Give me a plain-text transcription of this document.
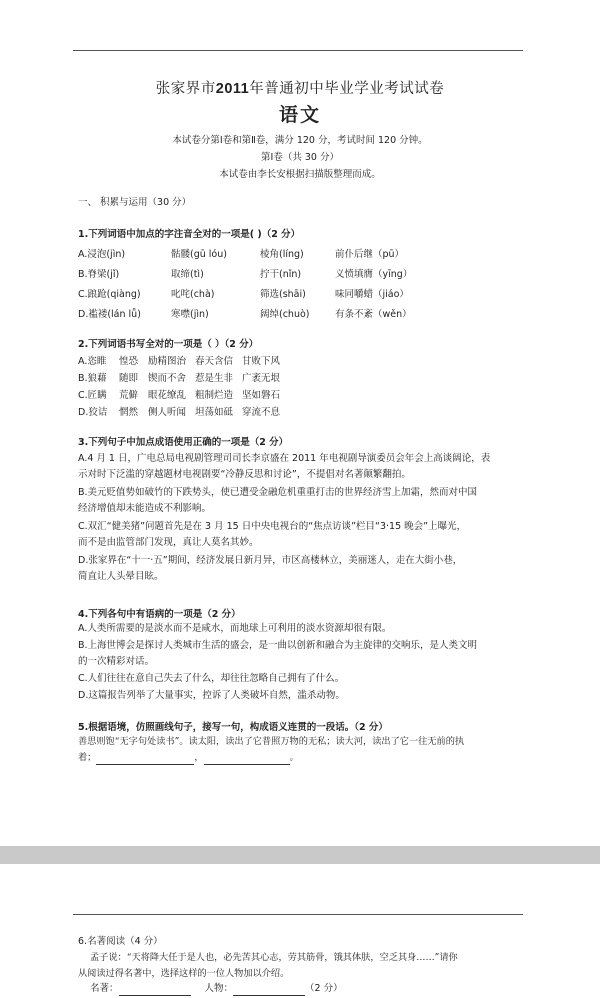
张家界市2011年普通初中毕业学业考试试卷
语文
本试卷分第Ⅰ卷和第Ⅱ卷，满分 120 分，考试时间 120 分钟。
第Ⅰ卷（共 30 分）
本试卷由李长安根据扫描版整理而成。
一、 积累与运用（30 分）
1.下列词语中加点的字注音全对的一项是( )（2 分）
A.浸泡(jìn)	骷髅(gū lóu)	棱角(líng)	前仆后继（pū）
B.脊梁(jǐ)	取缔(tì)	拧干(nǐn)	义愤填膺（yīng）
C.踉跄(qiàng)	叱咤(chà)	筛选(shāi)	味同嚼蜡（jiáo）
D.褴褛(lán lǚ)	寒噤(jìn)	阔绰(chuò)	有条不紊（wěn）
2.下列词语书写全对的一项是（ ）（2 分）
A.恣睢 惶恐 励精图治 春天含信 甘败下风
B.狼藉 随即 锲而不舍 惹是生非 广袤无垠
C.匠瞒 荒僻 眼花缭乱 粗制烂造 坚如磐石
D.狡诘 惘然 侧人听闻 坦荡如砥 穿流不息
3.下列句子中加点成语使用正确的一项是（2 分）
A.4 月 1 日，广电总局电视剧管理司司长李京盛在 2011 年电视剧导演委员会年会上高谈阔论，表
示对时下泛滥的穿越题材电视剧要“冷静反思和讨论”，不提倡对名著颠繁翻拍。
B.美元贬值势如破竹的下跌势头，使已遭受金融危机重重打击的世界经济雪上加霜，然而对中国
经济增值却未能造成不利影响。
C.双汇“健美猪”问题首先是在 3 月 15 日中央电视台的“焦点访谈”栏目“3·15 晚会”上曝光，
而不是由监管部门发现，真让人莫名其妙。
D.张家界在“十一·五”期间，经济发展日新月异，市区高楼林立，美丽迷人，走在大街小巷，
简直让人头晕目眩。
4.下列各句中有语病的一项是（2 分）
A.人类所需要的是淡水而不是咸水，而地球上可利用的淡水资源却很有限。
B.上海世博会是探讨人类城市生活的盛会，是一曲以创新和融合为主旋律的交响乐，是人类文明
的一次精彩对话。
C.人们往往在意自己失去了什么，却往往忽略自己拥有了什么。
D.这篇报告列举了大量事实，控诉了人类破坏自然，滥杀动物。
5.根据语境，仿照画线句子，接写一句，构成语义连贯的一段话。（2 分）
善思则饱“无字句处读书”。读太阳，读出了它普照万物的无私；读大河，读出了它一往无前的执
着；	，	。
6.名著阅读（4 分）
孟子说：“天将降大任于是人也，必先苦其心志，劳其筋骨，饿其体肤，空乏其身……”请你
从阅读过得名著中，选择这样的一位人物加以介绍。
名著：	人物：	（2 分）
